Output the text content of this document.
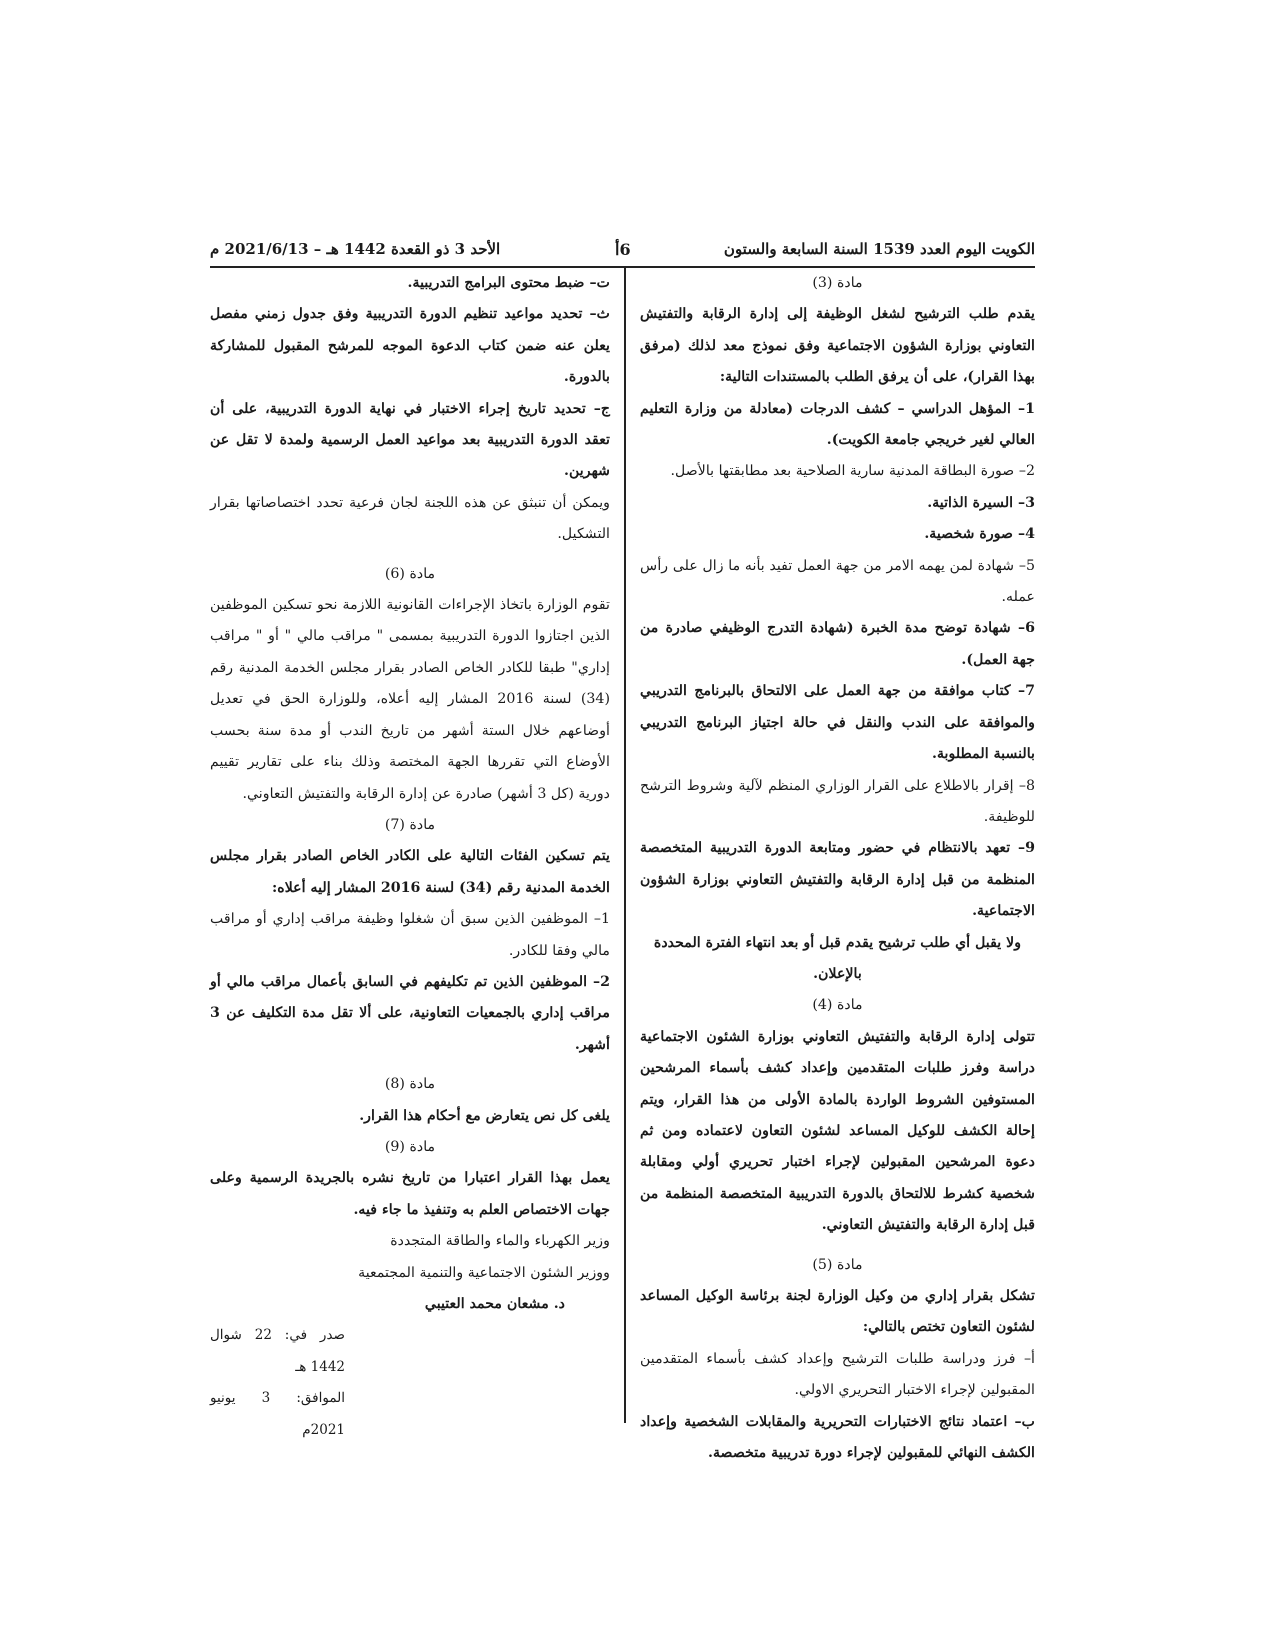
الكويت اليوم العدد 1539 السنة السابعة والستون
6أ
الأحد 3 ذو القعدة 1442 هـ – 2021/6/13 م

مادة (3)

يقدم طلب الترشيح لشغل الوظيفة إلى إدارة الرقابة والتفتيش التعاوني بوزارة الشؤون الاجتماعية وفق نموذج معد لذلك (مرفق بهذا القرار)، على أن يرفق الطلب بالمستندات التالية:

1– المؤهل الدراسي – كشف الدرجات (معادلة من وزارة التعليم العالي لغير خريجي جامعة الكويت).

2– صورة البطاقة المدنية سارية الصلاحية بعد مطابقتها بالأصل.

3– السيرة الذاتية.

4– صورة شخصية.

5– شهادة لمن يهمه الامر من جهة العمل تفيد بأنه ما زال على رأس عمله.

6– شهادة توضح مدة الخبرة (شهادة التدرج الوظيفي صادرة من جهة العمل).

7– كتاب موافقة من جهة العمل على الالتحاق بالبرنامج التدريبي والموافقة على الندب والنقل في حالة اجتياز البرنامج التدريبي بالنسبة المطلوبة.

8– إقرار بالاطلاع على القرار الوزاري المنظم لآلية وشروط الترشح للوظيفة.

9– تعهد بالانتظام في حضور ومتابعة الدورة التدريبية المتخصصة المنظمة من قبل إدارة الرقابة والتفتيش التعاوني بوزارة الشؤون الاجتماعية.

ولا يقبل أي طلب ترشيح يقدم قبل أو بعد انتهاء الفترة المحددة بالإعلان.

مادة (4)

تتولى إدارة الرقابة والتفتيش التعاوني بوزارة الشئون الاجتماعية دراسة وفرز طلبات المتقدمين وإعداد كشف بأسماء المرشحين المستوفين الشروط الواردة بالمادة الأولى من هذا القرار، ويتم إحالة الكشف للوكيل المساعد لشئون التعاون لاعتماده ومن ثم دعوة المرشحين المقبولين لإجراء اختبار تحريري أولي ومقابلة شخصية كشرط للالتحاق بالدورة التدريبية المتخصصة المنظمة من قبل إدارة الرقابة والتفتيش التعاوني.

مادة (5)

تشكل بقرار إداري من وكيل الوزارة لجنة برئاسة الوكيل المساعد لشئون التعاون تختص بالتالي:

أ– فرز ودراسة طلبات الترشيح وإعداد كشف بأسماء المتقدمين المقبولين لإجراء الاختبار التحريري الاولي.

ب– اعتماد نتائج الاختبارات التحريرية والمقابلات الشخصية وإعداد الكشف النهائي للمقبولين لإجراء دورة تدريبية متخصصة.

ت– ضبط محتوى البرامج التدريبية.

ث– تحديد مواعيد تنظيم الدورة التدريبية وفق جدول زمني مفصل يعلن عنه ضمن كتاب الدعوة الموجه للمرشح المقبول للمشاركة بالدورة.

ج– تحديد تاريخ إجراء الاختبار في نهاية الدورة التدريبية، على أن تعقد الدورة التدريبية بعد مواعيد العمل الرسمية ولمدة لا تقل عن شهرين.

ويمكن أن تنبثق عن هذه اللجنة لجان فرعية تحدد اختصاصاتها بقرار التشكيل.

مادة (6)

تقوم الوزارة باتخاذ الإجراءات القانونية اللازمة نحو تسكين الموظفين الذين اجتازوا الدورة التدريبية بمسمى " مراقب مالي " أو " مراقب إداري" طبقا للكادر الخاص الصادر بقرار مجلس الخدمة المدنية رقم (34) لسنة 2016 المشار إليه أعلاه، وللوزارة الحق في تعديل أوضاعهم خلال الستة أشهر من تاريخ الندب أو مدة سنة بحسب الأوضاع التي تقررها الجهة المختصة وذلك بناء على تقارير تقييم دورية (كل 3 أشهر) صادرة عن إدارة الرقابة والتفتيش التعاوني.

مادة (7)

يتم تسكين الفئات التالية على الكادر الخاص الصادر بقرار مجلس الخدمة المدنية رقم (34) لسنة 2016 المشار إليه أعلاه:

1– الموظفين الذين سبق أن شغلوا وظيفة مراقب إداري أو مراقب مالي وفقا للكادر.

2– الموظفين الذين تم تكليفهم في السابق بأعمال مراقب مالي أو مراقب إداري بالجمعيات التعاونية، على ألا تقل مدة التكليف عن 3 أشهر.

مادة (8)

يلغى كل نص يتعارض مع أحكام هذا القرار.

مادة (9)

يعمل بهذا القرار اعتبارا من تاريخ نشره بالجريدة الرسمية وعلى جهات الاختصاص العلم به وتنفيذ ما جاء فيه.

وزير الكهرباء والماء والطاقة المتجددة

ووزير الشئون الاجتماعية والتنمية المجتمعية

د. مشعان محمد العتيبي

صدر في: 22 شوال 1442 هـ

الموافق: 3 يونيو 2021م
